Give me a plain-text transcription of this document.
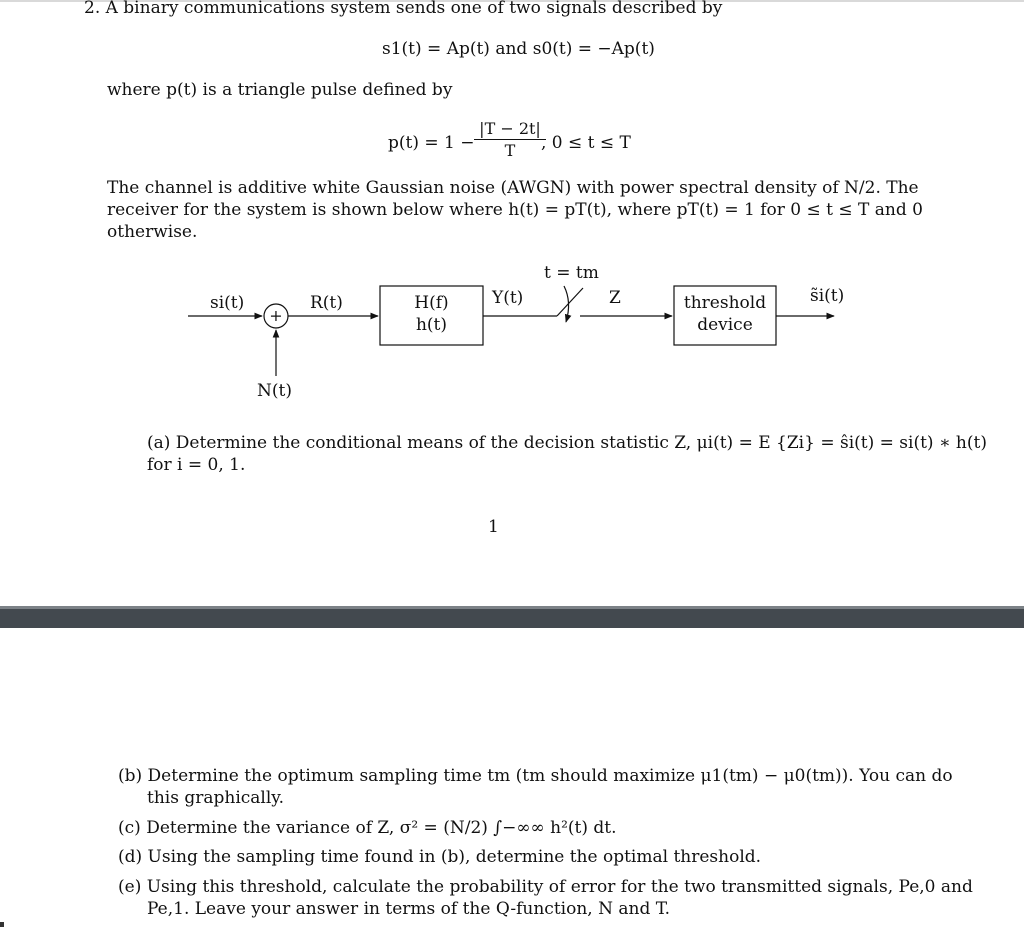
2. A binary communications system sends one of two signals described by
s1(t) = Ap(t) and s0(t) = −Ap(t)
where p(t) is a triangle pulse defined by
$p(t) = 1 - \frac{|T - 2t|}{T}$
, 0 ≤ t ≤ T
The channel is additive white Gaussian noise (AWGN) with power spectral density of N/2. The
receiver for the system is shown below where h(t) = pT(t), where pT(t) = 1 for 0 ≤ t ≤ T and 0
otherwise.
si(t)
+
N(t)
R(t)	H(f)
h(t)
Y(t)
t = tm
Z	threshold
device
s̃i(t)
(a) Determine the conditional means of the decision statistic Z, μi(t) = E {Zi} = ŝi(t) = si(t) ∗ h(t)
for i = 0, 1.
1
(b) Determine the optimum sampling time tm (tm should maximize μ1(tm) − μ0(tm)). You can do
this graphically.
(c) Determine the variance of Z, σ² = (N/2) ∫−∞∞ h²(t) dt.
(d) Using the sampling time found in (b), determine the optimal threshold.
(e) Using this threshold, calculate the probability of error for the two transmitted signals, Pe,0 and
Pe,1. Leave your answer in terms of the Q-function, N and T.
